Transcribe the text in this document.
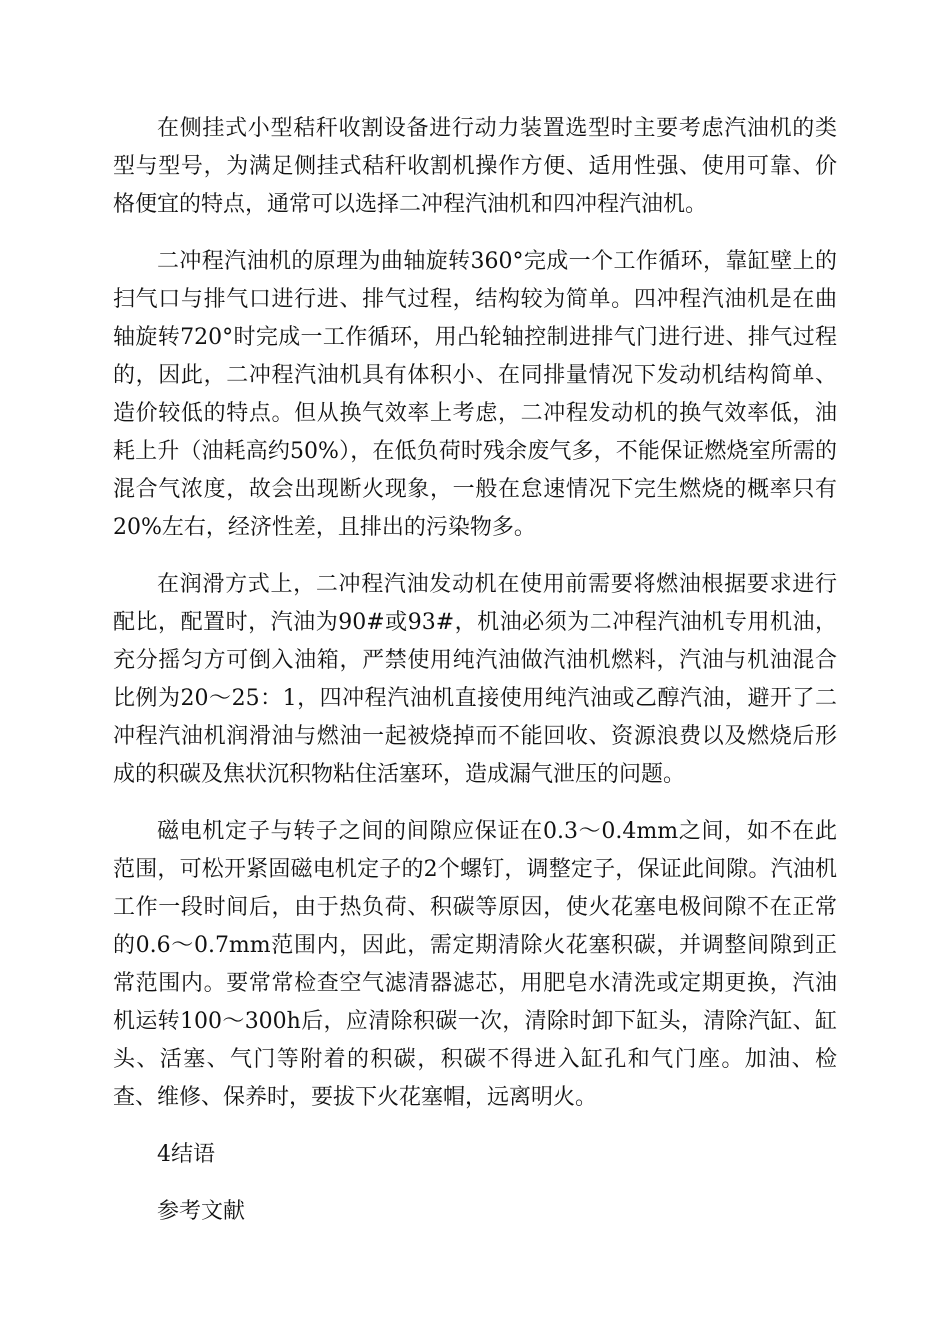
在侧挂式小型秸秆收割设备进行动力装置选型时主要考虑汽油机的类型与型号，为满足侧挂式秸秆收割机操作方便、适用性强、使用可靠、价格便宜的特点，通常可以选择二冲程汽油机和四冲程汽油机。

二冲程汽油机的原理为曲轴旋转360°完成一个工作循环，靠缸壁上的扫气口与排气口进行进、排气过程，结构较为简单。四冲程汽油机是在曲轴旋转720°时完成一工作循环，用凸轮轴控制进排气门进行进、排气过程的，因此，二冲程汽油机具有体积小、在同排量情况下发动机结构简单、造价较低的特点。但从换气效率上考虑，二冲程发动机的换气效率低，油耗上升（油耗高约50%），在低负荷时残余废气多，不能保证燃烧室所需的混合气浓度，故会出现断火现象，一般在怠速情况下完生燃烧的概率只有20%左右，经济性差，且排出的污染物多。

在润滑方式上，二冲程汽油发动机在使用前需要将燃油根据要求进行配比，配置时，汽油为90#或93#，机油必须为二冲程汽油机专用机油，充分摇匀方可倒入油箱，严禁使用纯汽油做汽油机燃料，汽油与机油混合比例为20～25：1，四冲程汽油机直接使用纯汽油或乙醇汽油，避开了二冲程汽油机润滑油与燃油一起被烧掉而不能回收、资源浪费以及燃烧后形成的积碳及焦状沉积物粘住活塞环，造成漏气泄压的问题。

磁电机定子与转子之间的间隙应保证在0.3～0.4mm之间，如不在此范围，可松开紧固磁电机定子的2个螺钉，调整定子，保证此间隙。汽油机工作一段时间后，由于热负荷、积碳等原因，使火花塞电极间隙不在正常的0.6～0.7mm范围内，因此，需定期清除火花塞积碳，并调整间隙到正常范围内。要常常检查空气滤清器滤芯，用肥皂水清洗或定期更换，汽油机运转100～300h后，应清除积碳一次，清除时卸下缸头，清除汽缸、缸头、活塞、气门等附着的积碳，积碳不得进入缸孔和气门座。加油、检查、维修、保养时，要拔下火花塞帽，远离明火。

4结语

参考文献
